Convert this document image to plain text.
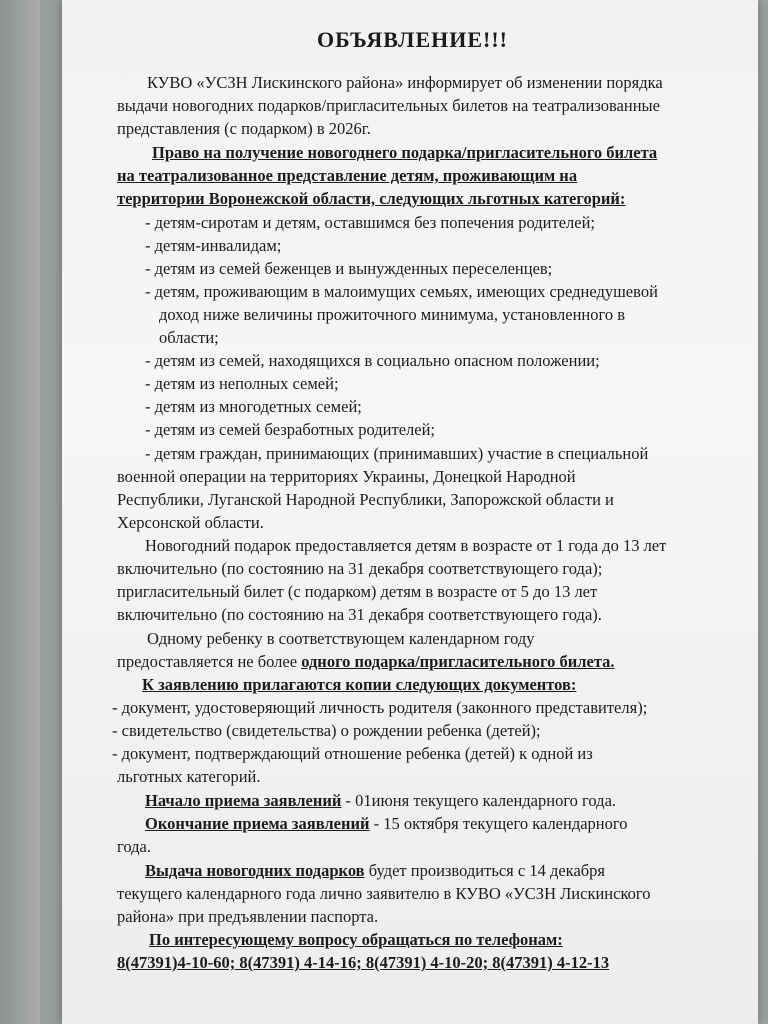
ОБЪЯВЛЕНИЕ!!!
КУВО «УСЗН Лискинского района» информирует об изменении порядка
выдачи новогодних подарков/пригласительных билетов на театрализованные
представления (с подарком) в 2026г.
Право на получение новогоднего подарка/пригласительного билета
на театрализованное представление детям, проживающим на
территории Воронежской области, следующих льготных категорий:
- детям-сиротам и детям, оставшимся без попечения родителей;
- детям-инвалидам;
- детям из семей беженцев и вынужденных переселенцев;
- детям, проживающим в малоимущих семьях, имеющих среднедушевой
доход ниже величины прожиточного минимума, установленного в
области;
- детям из семей, находящихся в социально опасном положении;
- детям из неполных семей;
- детям из многодетных семей;
- детям из семей безработных родителей;
- детям граждан, принимающих (принимавших) участие в специальной
военной операции на территориях Украины, Донецкой Народной
Республики, Луганской Народной Республики, Запорожской области и
Херсонской области.
Новогодний подарок предоставляется детям в возрасте от 1 года до 13 лет
включительно (по состоянию на 31 декабря соответствующего года);
пригласительный билет (с подарком) детям в возрасте от 5 до 13 лет
включительно (по состоянию на 31 декабря соответствующего года).
Одному ребенку в соответствующем календарном году
предоставляется не более одного подарка/пригласительного билета.
К заявлению прилагаются копии следующих документов:
- документ, удостоверяющий личность родителя (законного представителя);
- свидетельство (свидетельства) о рождении ребенка (детей);
- документ, подтверждающий отношение ребенка (детей) к одной из
льготных категорий.
Начало приема заявлений - 01июня текущего календарного года.
Окончание приема заявлений - 15 октября текущего календарного
года.
Выдача новогодних подарков будет производиться с 14 декабря
текущего календарного года лично заявителю в КУВО «УСЗН Лискинского
района» при предъявлении паспорта.
По интересующему вопросу обращаться по телефонам:
8(47391)4-10-60; 8(47391) 4-14-16; 8(47391) 4-10-20; 8(47391) 4-12-13
